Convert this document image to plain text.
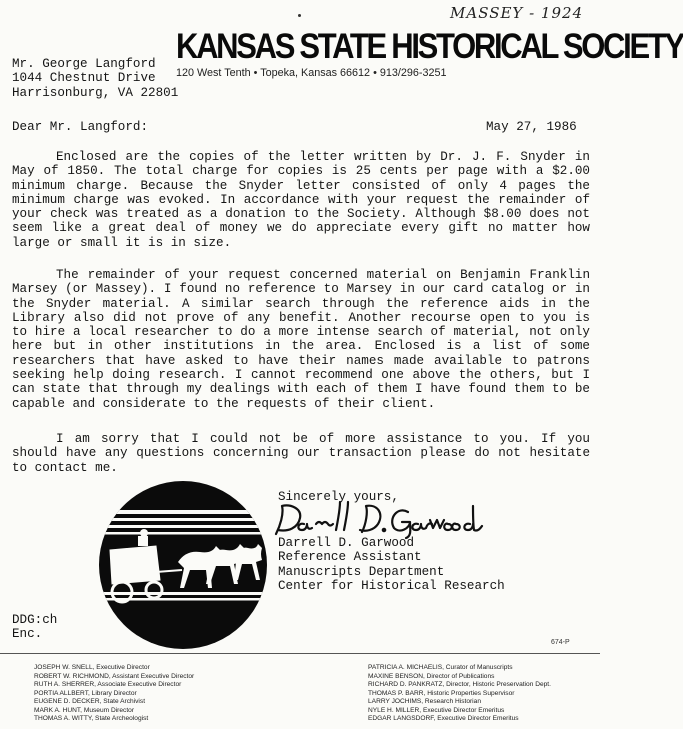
MASSEY - 1924
KANSAS STATE HISTORICAL SOCIETY
120 West Tenth • Topeka, Kansas 66612 • 913/296-3251
Mr. George Langford
1044 Chestnut Drive
Harrisonburg, VA 22801
Dear Mr. Langford:	May 27, 1986

Enclosed are the copies of the letter written by Dr. J. F. Snyder in May of 1850. The total charge for copies is 25 cents per page with a $2.00 minimum charge. Because the Snyder letter consisted of only 4 pages the minimum charge was evoked. In accordance with your request the remainder of your check was treated as a donation to the Society. Although $8.00 does not seem like a great deal of money we do appreciate every gift no matter how large or small it is in size.

The remainder of your request concerned material on Benjamin Franklin Marsey (or Massey). I found no reference to Marsey in our card catalog or in the Snyder material. A similar search through the reference aids in the Library also did not prove of any benefit. Another recourse open to you is to hire a local researcher to do a more intense search of material, not only here but in other institutions in the area. Enclosed is a list of some researchers that have asked to have their names made available to patrons seeking help doing research. I cannot recommend one above the others, but I can state that through my dealings with each of them I have found them to be capable and considerate to the requests of their client.

I am sorry that I could not be of more assistance to you. If you should have any questions concerning our transaction please do not hesitate to contact me.

Sincerely yours,
Darrell D. Garwood
Reference Assistant
Manuscripts Department
Center for Historical Research
DDG:ch
Enc.
674-P
JOSEPH W. SNELL, Executive Director
ROBERT W. RICHMOND, Assistant Executive Director
RUTH A. SHERRER, Associate Executive Director
PORTIA ALLBERT, Library Director
EUGENE D. DECKER, State Archivist
MARK A. HUNT, Museum Director
THOMAS A. WITTY, State Archeologist
PATRICIA A. MICHAELIS, Curator of Manuscripts
MAXINE BENSON, Director of Publications
RICHARD D. PANKRATZ, Director, Historic Preservation Dept.
THOMAS P. BARR, Historic Properties Supervisor
LARRY JOCHIMS, Research Historian
NYLE H. MILLER, Executive Director Emeritus
EDGAR LANGSDORF, Executive Director Emeritus
